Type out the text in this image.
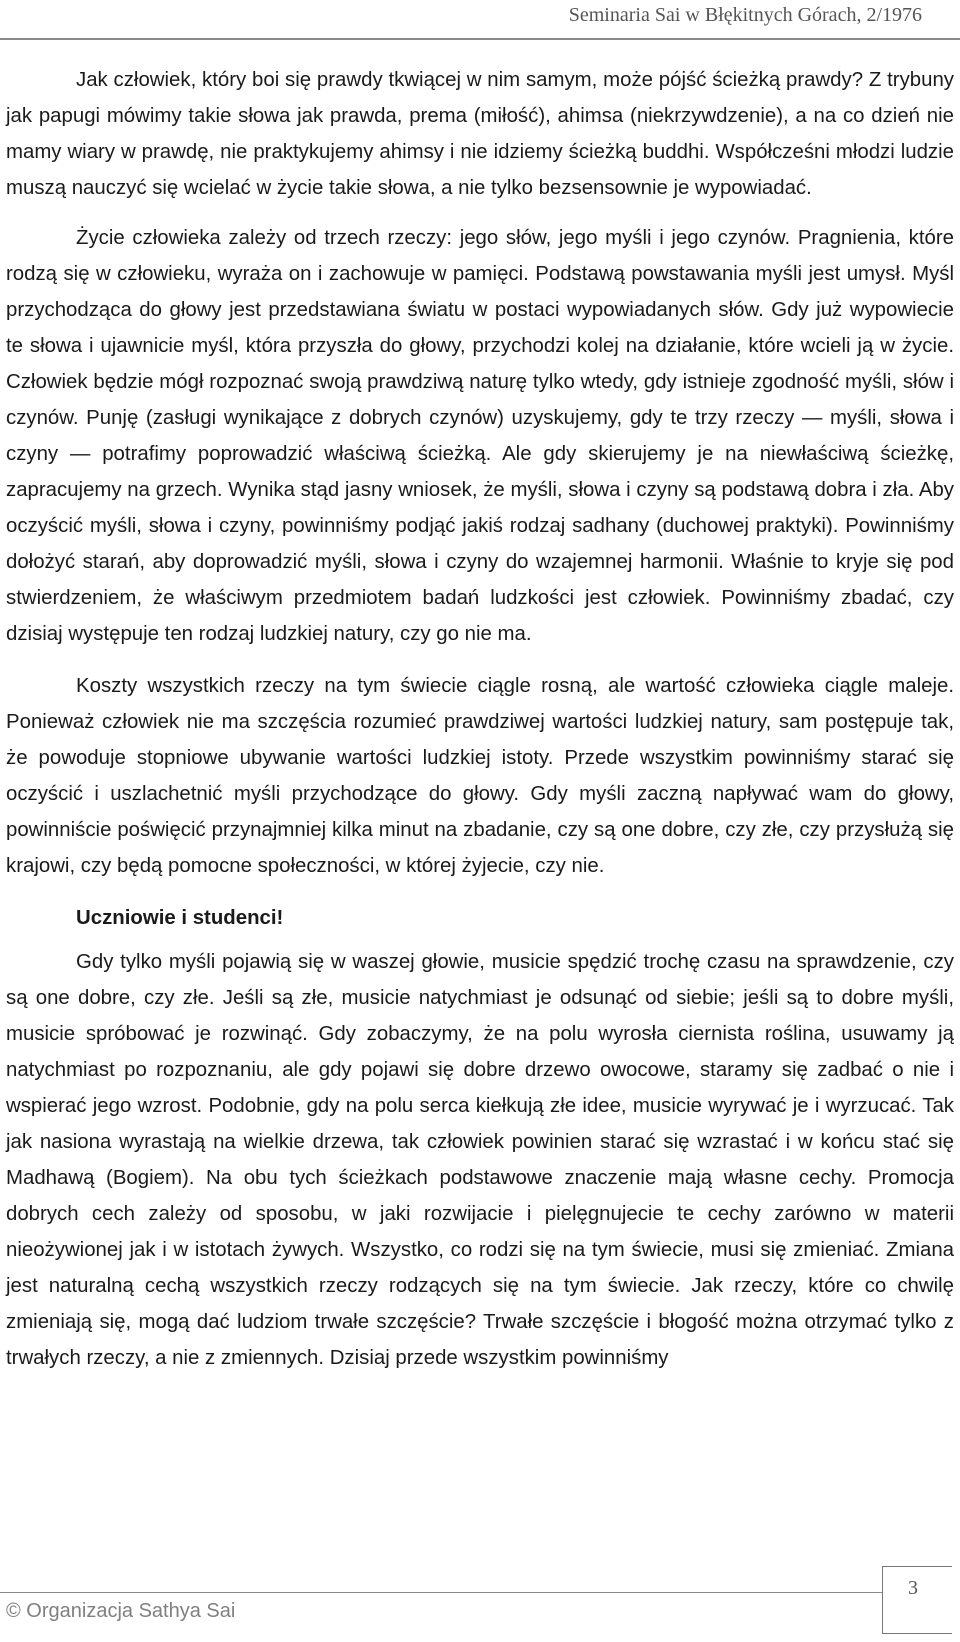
Seminaria Sai w Błękitnych Górach, 2/1976

Jak człowiek, który boi się prawdy tkwiącej w nim samym, może pójść ścieżką prawdy? Z trybuny jak papugi mówimy takie słowa jak prawda, prema (miłość), ahimsa (niekrzywdzenie), a na co dzień nie mamy wiary w prawdę, nie praktykujemy ahimsy i nie idziemy ścieżką buddhi. Współcześni młodzi ludzie muszą nauczyć się wcielać w życie takie słowa, a nie tylko bezsensownie je wypowiadać.

Życie człowieka zależy od trzech rzeczy: jego słów, jego myśli i jego czynów. Pragnienia, które rodzą się w człowieku, wyraża on i zachowuje w pamięci. Podstawą powstawania myśli jest umysł. Myśl przychodząca do głowy jest przedstawiana światu w postaci wypowiadanych słów. Gdy już wypowiecie te słowa i ujawnicie myśl, która przyszła do głowy, przychodzi kolej na działanie, które wcieli ją w życie. Człowiek będzie mógł rozpoznać swoją prawdziwą naturę tylko wtedy, gdy istnieje zgodność myśli, słów i czynów. Punję (zasługi wynikające z dobrych czynów) uzyskujemy, gdy te trzy rzeczy — myśli, słowa i czyny — potrafimy poprowadzić właściwą ścieżką. Ale gdy skierujemy je na niewłaściwą ścieżkę, zapracujemy na grzech. Wynika stąd jasny wniosek, że myśli, słowa i czyny są podstawą dobra i zła. Aby oczyścić myśli, słowa i czyny, powinniśmy podjąć jakiś rodzaj sadhany (duchowej praktyki). Powinniśmy dołożyć starań, aby doprowadzić myśli, słowa i czyny do wzajemnej harmonii. Właśnie to kryje się pod stwierdzeniem, że właściwym przedmiotem badań ludzkości jest człowiek. Powinniśmy zbadać, czy dzisiaj występuje ten rodzaj ludzkiej natury, czy go nie ma.

Koszty wszystkich rzeczy na tym świecie ciągle rosną, ale wartość człowieka ciągle maleje. Ponieważ człowiek nie ma szczęścia rozumieć prawdziwej wartości ludzkiej natury, sam postępuje tak, że powoduje stopniowe ubywanie wartości ludzkiej istoty. Przede wszystkim powinniśmy starać się oczyścić i uszlachetnić myśli przychodzące do głowy. Gdy myśli zaczną napływać wam do głowy, powinniście poświęcić przynajmniej kilka minut na zbadanie, czy są one dobre, czy złe, czy przysłużą się krajowi, czy będą pomocne społeczności, w której żyjecie, czy nie.

Uczniowie i studenci!

Gdy tylko myśli pojawią się w waszej głowie, musicie spędzić trochę czasu na sprawdzenie, czy są one dobre, czy złe. Jeśli są złe, musicie natychmiast je odsunąć od siebie; jeśli są to dobre myśli, musicie spróbować je rozwinąć. Gdy zobaczymy, że na polu wyrosła ciernista roślina, usuwamy ją natychmiast po rozpoznaniu, ale gdy pojawi się dobre drzewo owocowe, staramy się zadbać o nie i wspierać jego wzrost. Podobnie, gdy na polu serca kiełkują złe idee, musicie wyrywać je i wyrzucać. Tak jak nasiona wyrastają na wielkie drzewa, tak człowiek powinien starać się wzrastać i w końcu stać się Madhawą (Bogiem). Na obu tych ścieżkach podstawowe znaczenie mają własne cechy. Promocja dobrych cech zależy od sposobu, w jaki rozwijacie i pielęgnujecie te cechy zarówno w materii nieożywionej jak i w istotach żywych. Wszystko, co rodzi się na tym świecie, musi się zmieniać. Zmiana jest naturalną cechą wszystkich rzeczy rodzących się na tym świecie. Jak rzeczy, które co chwilę zmieniają się, mogą dać ludziom trwałe szczęście? Trwałe szczęście i błogość można otrzymać tylko z trwałych rzeczy, a nie z zmiennych. Dzisiaj przede wszystkim powinniśmy

© Organizacja Sathya Sai
3
